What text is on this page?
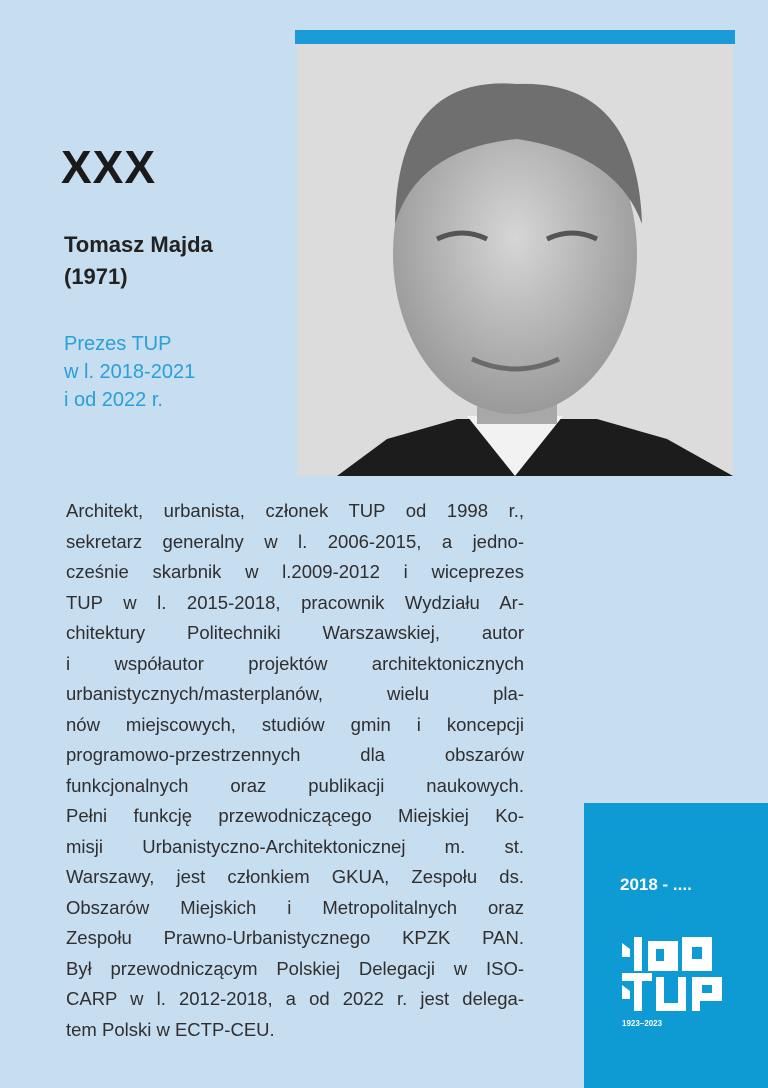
XXX
Tomasz Majda
(1971)
Prezes TUP
w l. 2018-2021
i od 2022 r.
Architekt, urbanista, członek TUP od 1998 r.,
sekretarz generalny w l. 2006-2015, a jedno-
cześnie skarbnik w l.2009-2012 i wiceprezes
TUP w l. 2015-2018, pracownik Wydziału Ar-
chitektury Politechniki Warszawskiej, autor
i współautor projektów architektonicznych
urbanistycznych/masterplanów, wielu pla-
nów miejscowych, studiów gmin i koncepcji
programowo-przestrzennych dla obszarów
funkcjonalnych oraz publikacji naukowych.
Pełni funkcję przewodniczącego Miejskiej Ko-
misji Urbanistyczno-Architektonicznej m. st.
Warszawy, jest członkiem GKUA, Zespołu ds.
Obszarów Miejskich i Metropolitalnych oraz
Zespołu Prawno-Urbanistycznego KPZK PAN.
Był przewodniczącym Polskiej Delegacji w ISO-
CARP w l. 2012-2018, a od 2022 r. jest delega-
tem Polski w ECTP-CEU.
2018 - ....
1923–2023
